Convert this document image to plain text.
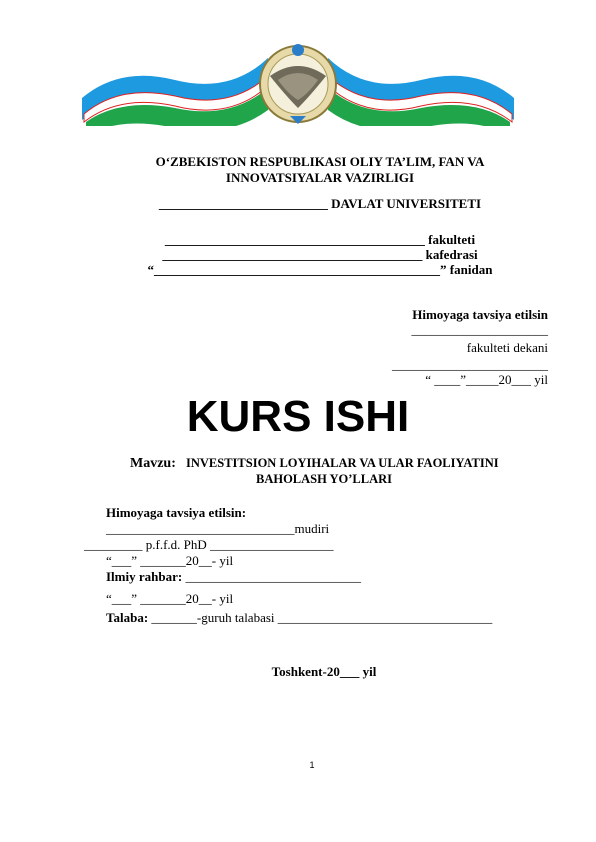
O‘ZBEKISTON RESPUBLIKASI OLIY TA’LIM, FAN VA
INNOVATSIYALAR VAZIRLIGI
__________________________ DAVLAT UNIVERSITETI
________________________________________ fakulteti
________________________________________ kafedrasi
“____________________________________________” fanidan
Himoyaga tavsiya etilsin
_____________________
fakulteti dekani
________________________
“ ____”_____20___ yil
KURS ISHI
Mavzu: INVESTITSION LOYIHALAR VA ULAR FAOLIYATINI
BAHOLASH YO’LLARI
Himoyaga tavsiya etilsin:
_____________________________mudiri
_________ p.f.f.d. PhD ___________________
“___” _______20__- yil
Ilmiy rahbar: ___________________________
“___” _______20__- yil
Talaba: _______-guruh talabasi _________________________________
Toshkent-20___ yil
1
